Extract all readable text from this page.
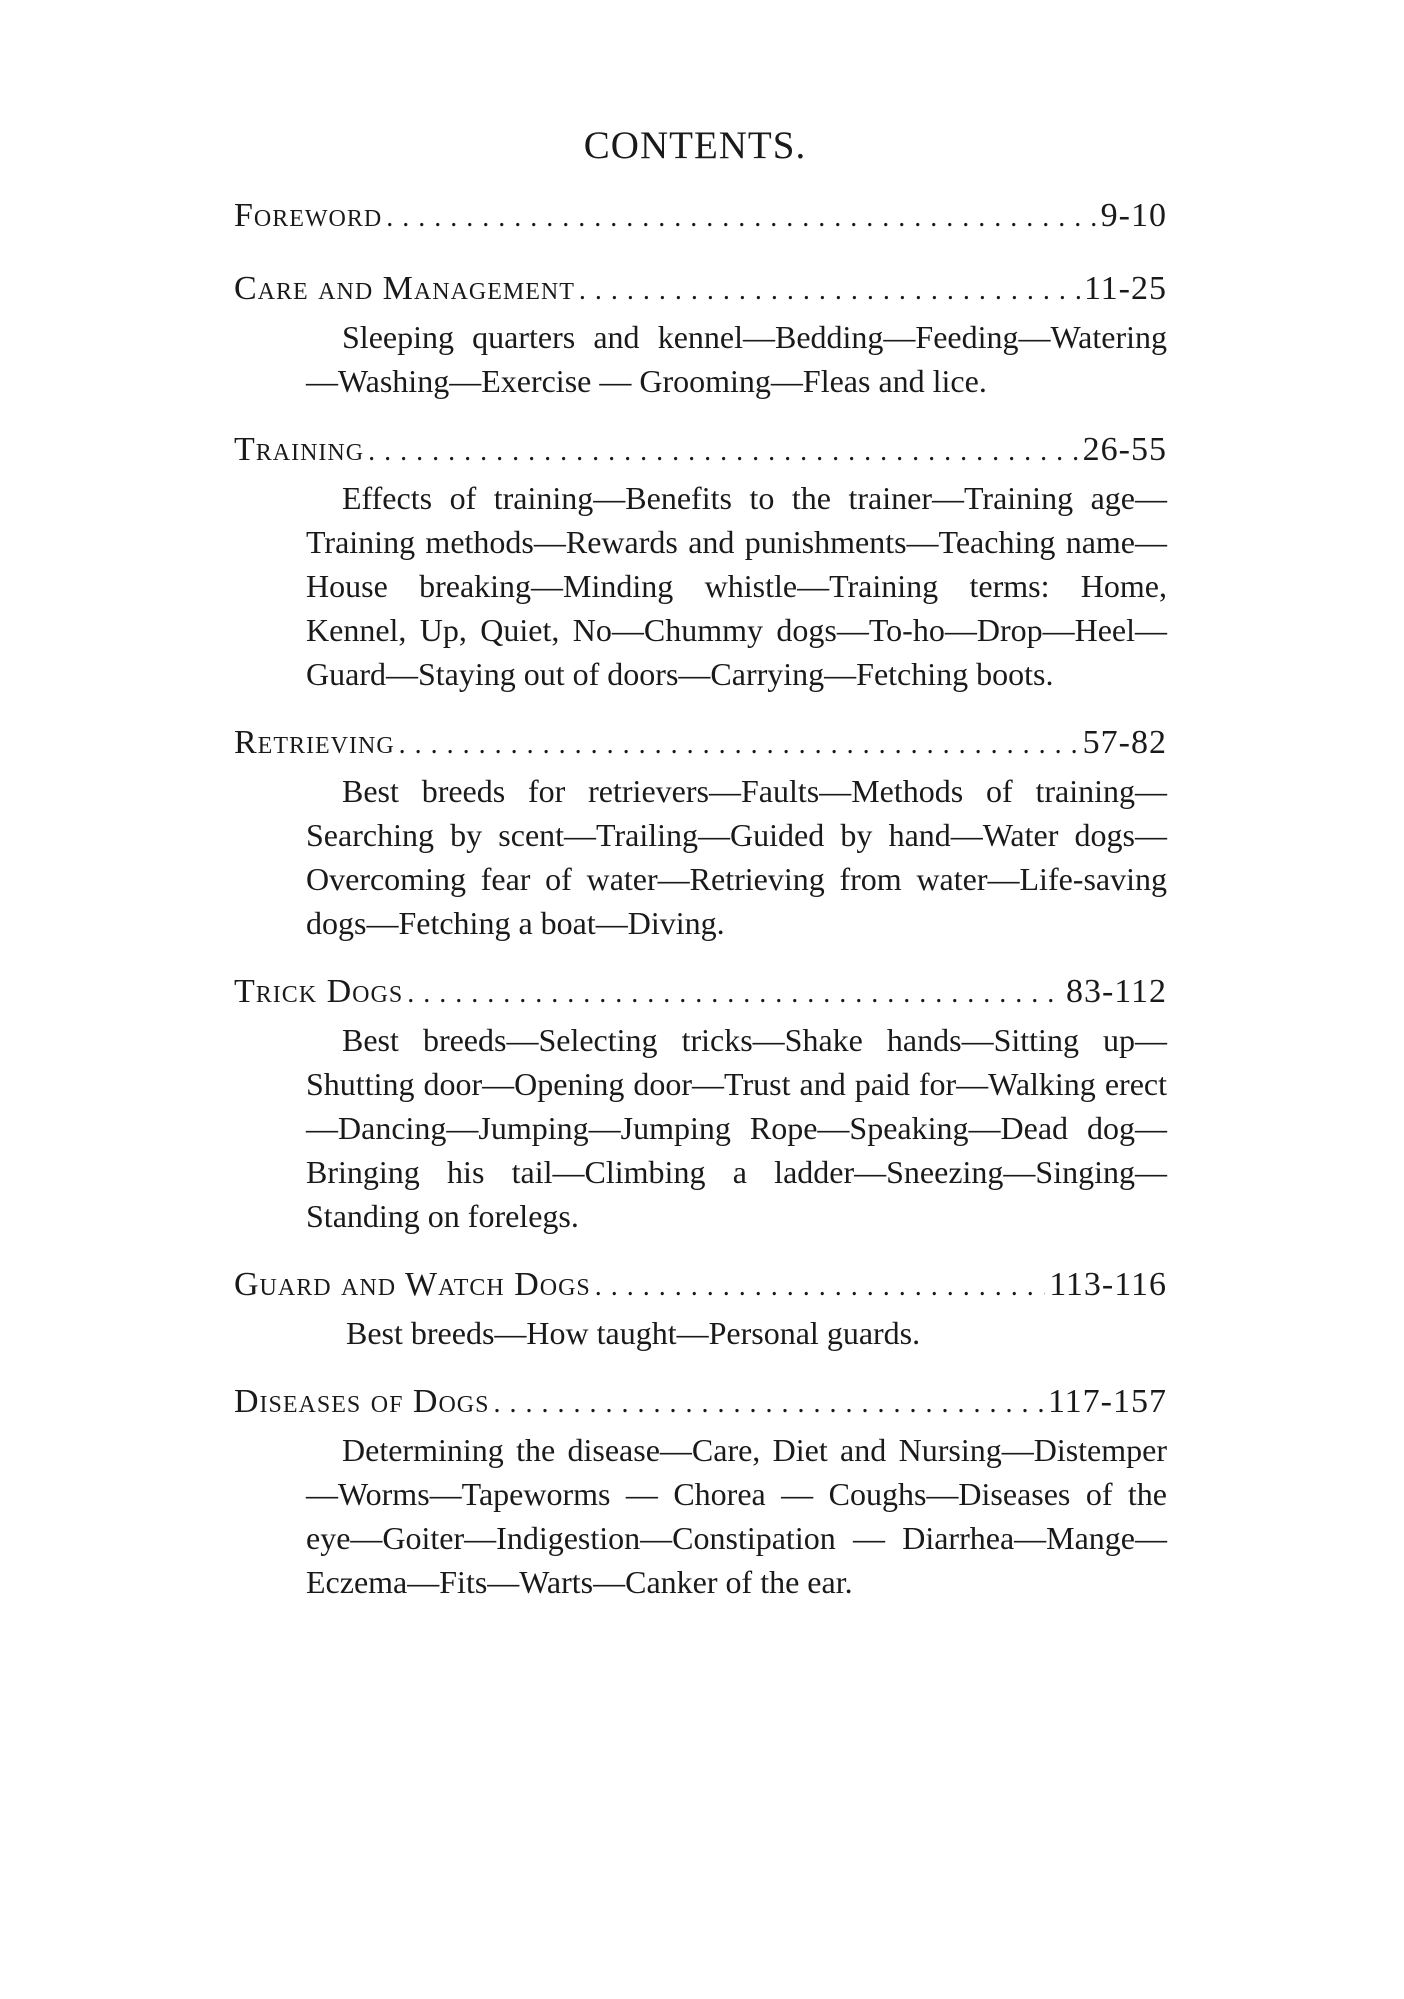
CONTENTS.
Foreword . . .	9-10
Care and Management . . .	11-25
Sleeping quarters and kennel—Bedding—Feeding—Watering—Washing—Exercise — Grooming—Fleas and lice.
Training . . .	26-55
Effects of training—Benefits to the trainer—Training age—Training methods—Rewards and punishments—Teaching name—House breaking—Minding whistle—Training terms: Home, Kennel, Up, Quiet, No—Chummy dogs—To-ho—Drop—Heel—Guard—Staying out of doors—Carrying—Fetching boots.
Retrieving . . .	57-82
Best breeds for retrievers—Faults—Methods of training—Searching by scent—Trailing—Guided by hand—Water dogs—Overcoming fear of water—Retrieving from water—Life-saving dogs—Fetching a boat—Diving.
Trick Dogs . . .	83-112
Best breeds—Selecting tricks—Shake hands—Sitting up—Shutting door—Opening door—Trust and paid for—Walking erect—Dancing—Jumping—Jumping Rope—Speaking—Dead dog—Bringing his tail—Climbing a ladder—Sneezing—Singing—Standing on forelegs.
Guard and Watch Dogs . . .	113-116
Best breeds—How taught—Personal guards.
Diseases of Dogs . . .	117-157
Determining the disease—Care, Diet and Nursing—Distemper—Worms—Tapeworms — Chorea — Coughs—Diseases of the eye—Goiter—Indigestion—Constipation — Diarrhea—Mange—Eczema—Fits—Warts—Canker of the ear.
